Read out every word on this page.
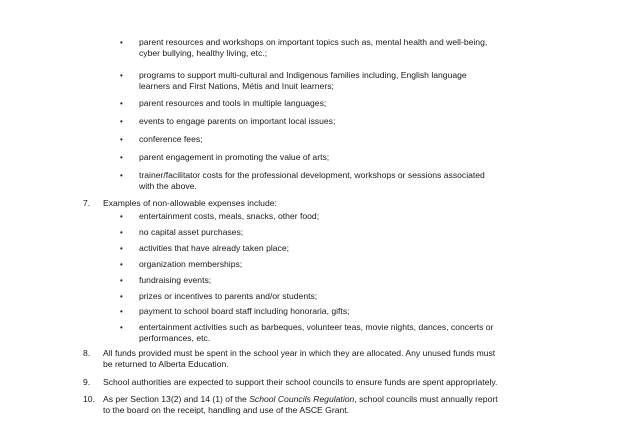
• parent resources and workshops on important topics such as, mental health and well-being,
cyber bullying, healthy living, etc.;
• programs to support multi-cultural and Indigenous families including, English language
learners and First Nations, Métis and Inuit learners;
• parent resources and tools in multiple languages;
• events to engage parents on important local issues;
• conference fees;
• parent engagement in promoting the value of arts;
• trainer/facilitator costs for the professional development, workshops or sessions associated
with the above.
7. Examples of non-allowable expenses include:
• entertainment costs, meals, snacks, other food;
• no capital asset purchases;
• activities that have already taken place;
• organization memberships;
• fundraising events;
• prizes or incentives to parents and/or students;
• payment to school board staff including honoraria, gifts;
• entertainment activities such as barbeques, volunteer teas, movie nights, dances, concerts or
performances, etc.
8. All funds provided must be spent in the school year in which they are allocated. Any unused funds must
be returned to Alberta Education.
9. School authorities are expected to support their school councils to ensure funds are spent appropriately.
10. As per Section 13(2) and 14 (1) of the School Councils Regulation, school councils must annually report
to the board on the receipt, handling and use of the ASCE Grant.
